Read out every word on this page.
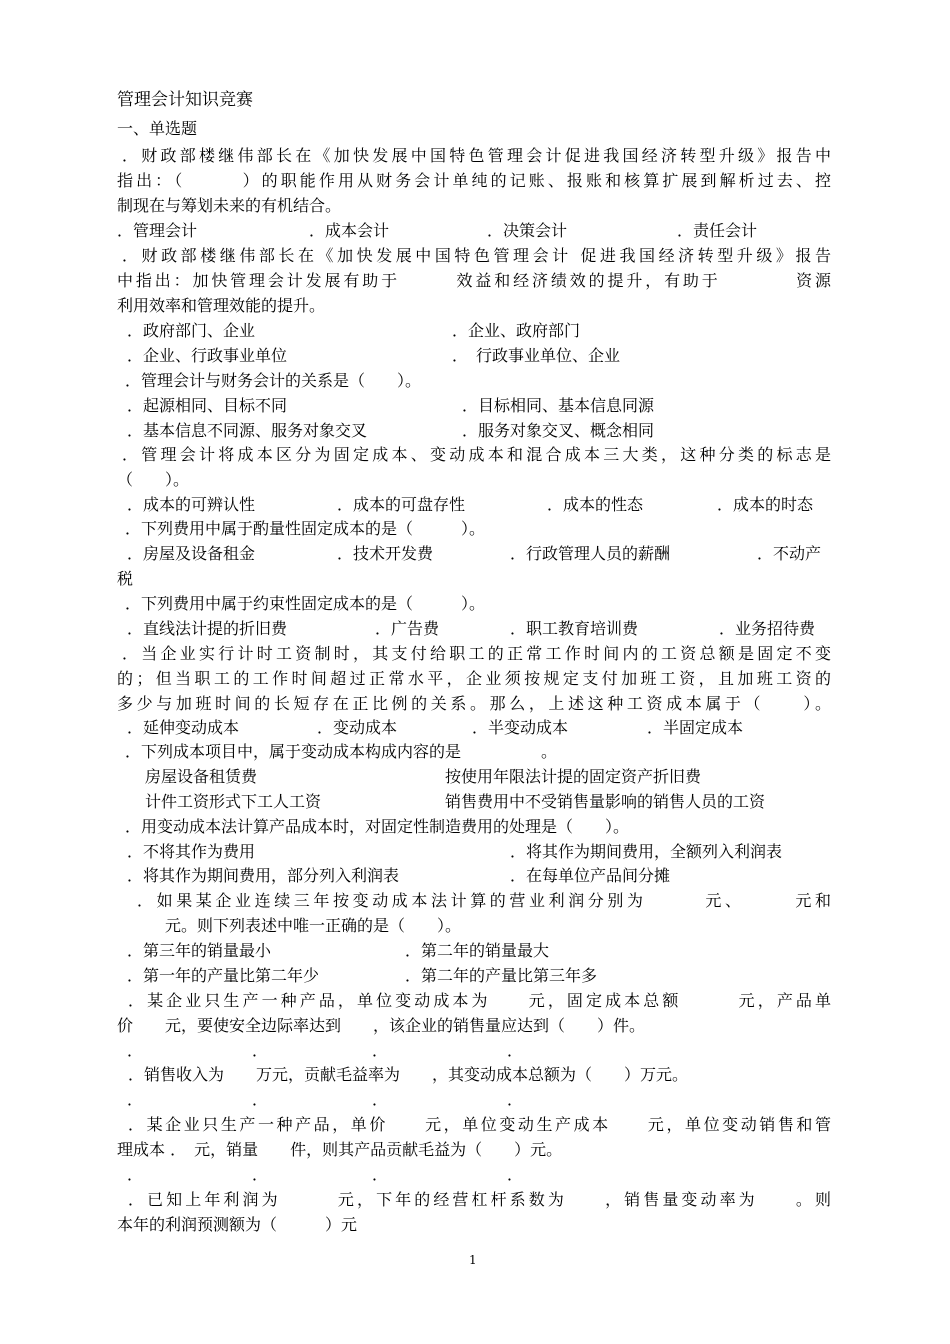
管理会计知识竞赛
一、单选题
．财政部楼继伟部长在《加快发展中国特色管理会计促进我国经济转型升级》报告中
指出：（　　　）的职能作用从财务会计单纯的记账、报账和核算扩展到解析过去、控
制现在与筹划未来的有机结合。

．管理会计

	．成本会计

	．决策会计

	．责任会计

．财政部楼继伟部长在《加快发展中国特色管理会计 促进我国经济转型升级》报告
中指出：加快管理会计发展有助于　　　效益和经济绩效的提升，有助于　　　　资源
利用效率和管理效能的提升。

．政府部门、企业

	．企业、政府部门

．企业、行政事业单位

	．　行政事业单位、企业

．管理会计与财务会计的关系是（　　）。

．起源相同、目标不同

	．目标相同、基本信息同源

．基本信息不同源、服务对象交叉

	．服务对象交叉、概念相同

．管理会计将成本区分为固定成本、变动成本和混合成本三大类，这种分类的标志是
（　　）。

．成本的可辨认性

	．成本的可盘存性

	．成本的性态

	．成本的时态

．下列费用中属于酌量性固定成本的是（　　　）。

．房屋及设备租金

	．技术开发费

	．行政管理人员的薪酬

	．不动产

税
．下列费用中属于约束性固定成本的是（　　　）。

．直线法计提的折旧费

	．广告费

	．职工教育培训费

	．业务招待费

．当企业实行计时工资制时，其支付给职工的正常工作时间内的工资总额是固定不变
的；但当职工的工作时间超过正常水平，企业须按规定支付加班工资，且加班工资的
多少与加班时间的长短存在正比例的关系。那么，上述这种工资成本属于（　　）。

．延伸变动成本

	．变动成本

	．半变动成本

	．半固定成本

．下列成本项目中，属于变动成本构成内容的是　　　　　。

房屋设备租赁费

	按使用年限法计提的固定资产折旧费

计件工资形式下工人工资

	销售费用中不受销售量影响的销售人员的工资

．用变动成本法计算产品成本时，对固定性制造费用的处理是（　　）。

．不将其作为费用

	．将其作为期间费用，全额列入利润表

．将其作为期间费用，部分列入利润表

	．在每单位产品间分摊

．如果某企业连续三年按变动成本法计算的营业利润分别为　　　元、　　　元和
元。则下列表述中唯一正确的是（　　）。

．第三年的销量最小

	．第二年的销量最大

．第一年的产量比第二年少

	．第二年的产量比第三年多

．某企业只生产一种产品，单位变动成本为　　元，固定成本总额　　　元，产品单
价　　元，要使安全边际率达到　　，该企业的销售量应达到（　　）件。

．

	．

	．

	．

．销售收入为　　万元，贡献毛益率为　　，其变动成本总额为（　　）万元。

．

	．

	．

	．

．某企业只生产一种产品，单价　　元，单位变动生产成本　　元，单位变动销售和管
理成本 ．　元，销量　　件，则其产品贡献毛益为（　　）元。

．

	．

	．

	．

．已知上年利润为　　　元，下年的经营杠杆系数为　　，销售量变动率为　　。则
本年的利润预测额为（　　　）元
1
